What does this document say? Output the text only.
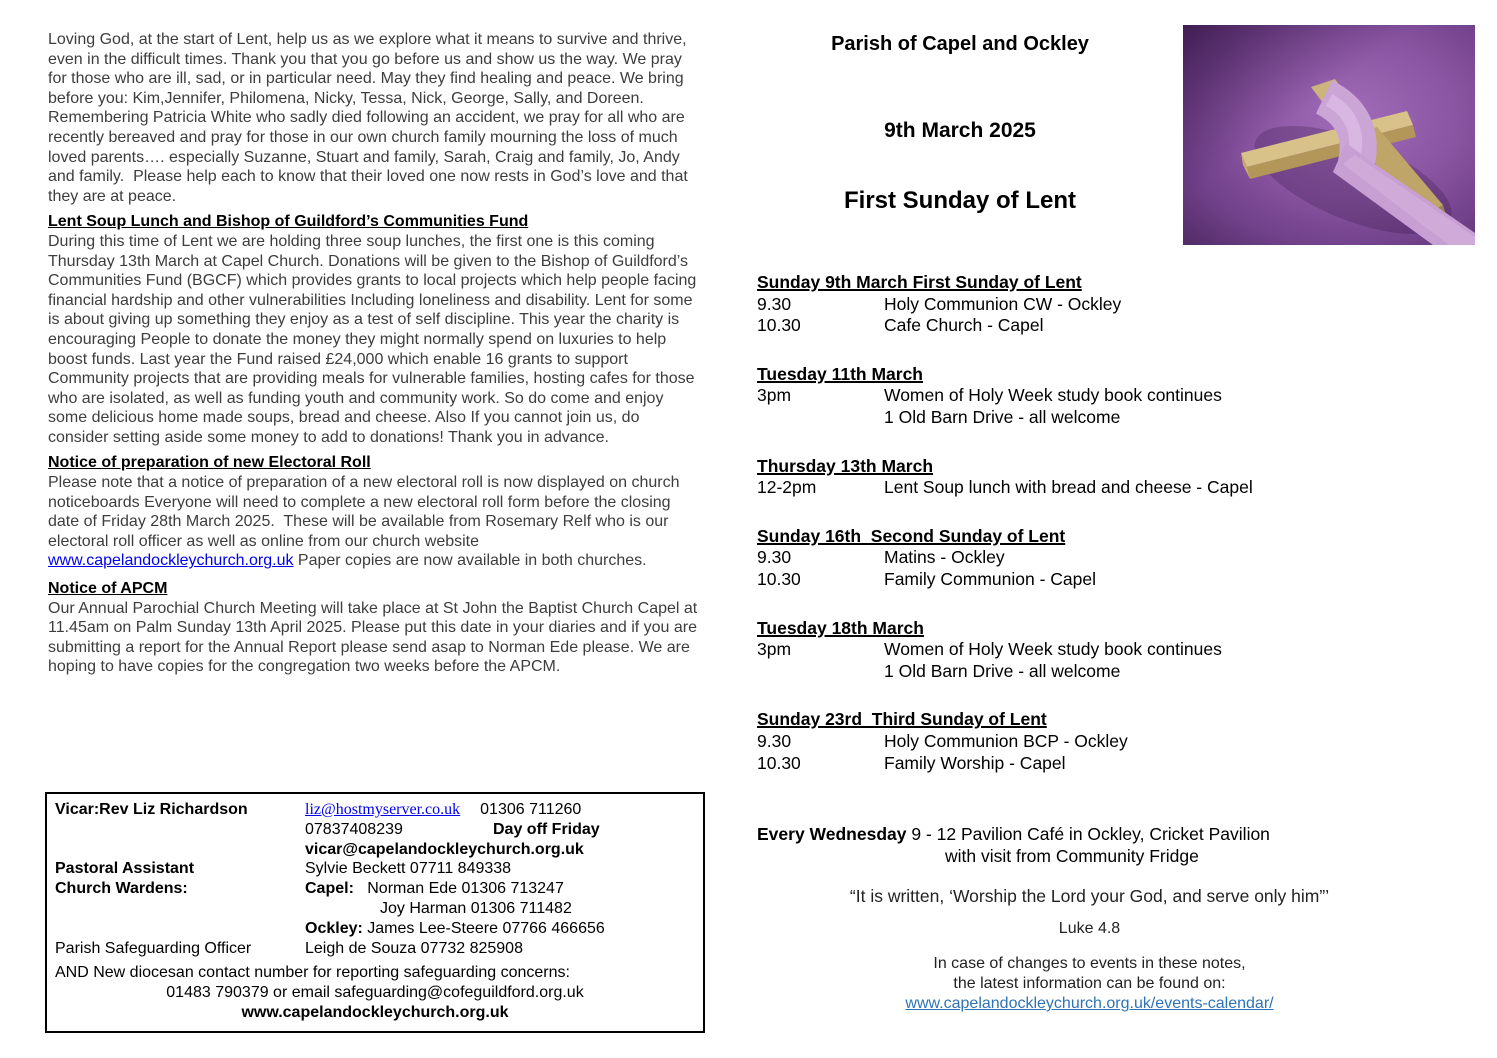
Loving God, at the start of Lent, help us as we explore what it means to survive and thrive, even in the difficult times. Thank you that you go before us and show us the way. We pray for those who are ill, sad, or in particular need. May they find healing and peace. We bring before you: Kim,Jennifer, Philomena, Nicky, Tessa, Nick, George, Sally, and Doreen. Remembering Patricia White who sadly died following an accident, we pray for all who are recently bereaved and pray for those in our own church family mourning the loss of much loved parents…. especially Suzanne, Stuart and family, Sarah, Craig and family, Jo, Andy and family.  Please help each to know that their loved one now rests in God’s love and that they are at peace.

Lent Soup Lunch and Bishop of Guildford’s Communities Fund

During this time of Lent we are holding three soup lunches, the first one is this coming Thursday 13th March at Capel Church. Donations will be given to the Bishop of Guildford’s Communities Fund (BGCF) which provides grants to local projects which help people facing financial hardship and other vulnerabilities Including loneliness and disability. Lent for some is about giving up something they enjoy as a test of self discipline. This year the charity is encouraging People to donate the money they might normally spend on luxuries to help boost funds. Last year the Fund raised £24,000 which enable 16 grants to support Community projects that are providing meals for vulnerable families, hosting cafes for those who are isolated, as well as funding youth and community work. So do come and enjoy some delicious home made soups, bread and cheese. Also If you cannot join us, do consider setting aside some money to add to donations! Thank you in advance.

Notice of preparation of new Electoral Roll

Please note that a notice of preparation of a new electoral roll is now displayed on church noticeboards Everyone will need to complete a new electoral roll form before the closing date of Friday 28th March 2025.  These will be available from Rosemary Relf who is our electoral roll officer as well as online from our church website www.capelandockleychurch.org.uk Paper copies are now available in both churches.

Notice of APCM

Our Annual Parochial Church Meeting will take place at St John the Baptist Church Capel at 11.45am on Palm Sunday 13th April 2025. Please put this date in your diaries and if you are submitting a report for the Annual Report please send asap to Norman Ede please. We are hoping to have copies for the congregation two weeks before the APCM.

Vicar:Rev Liz Richardson	liz@hostmyserver.co.uk 01306 711260
07837408239	Day off Friday
vicar@capelandockleychurch.org.uk
Pastoral Assistant	Sylvie Beckett 07711 849338
Church Wardens:	Capel: Norman Ede 01306 713247
Joy Harman 01306 711482
Ockley: James Lee-Steere 07766 466656
Parish Safeguarding Officer	Leigh de Souza 07732 825908
AND New diocesan contact number for reporting safeguarding concerns:
01483 790379 or email safeguarding@cofeguildford.org.uk
www.capelandockleychurch.org.uk
Parish of Capel and Ockley
9th March 2025
First Sunday of Lent
Sunday 9th March First Sunday of Lent
9.30	Holy Communion CW - Ockley
10.30	Cafe Church - Capel
Tuesday 11th March
3pm	Women of Holy Week study book continues
1 Old Barn Drive - all welcome
Thursday 13th March
12-2pm	Lent Soup lunch with bread and cheese - Capel
Sunday 16th  Second Sunday of Lent
9.30	Matins - Ockley
10.30	Family Communion - Capel
Tuesday 18th March
3pm	Women of Holy Week study book continues
1 Old Barn Drive - all welcome
Sunday 23rd  Third Sunday of Lent
9.30	Holy Communion BCP - Ockley
10.30	Family Worship - Capel
Every Wednesday 9 - 12 Pavilion Café in Ockley, Cricket Pavilion
with visit from Community Fridge
“It is written, ‘Worship the Lord your God, and serve only him”’
Luke 4.8
In case of changes to events in these notes,
the latest information can be found on:
www.capelandockleychurch.org.uk/events-calendar/
